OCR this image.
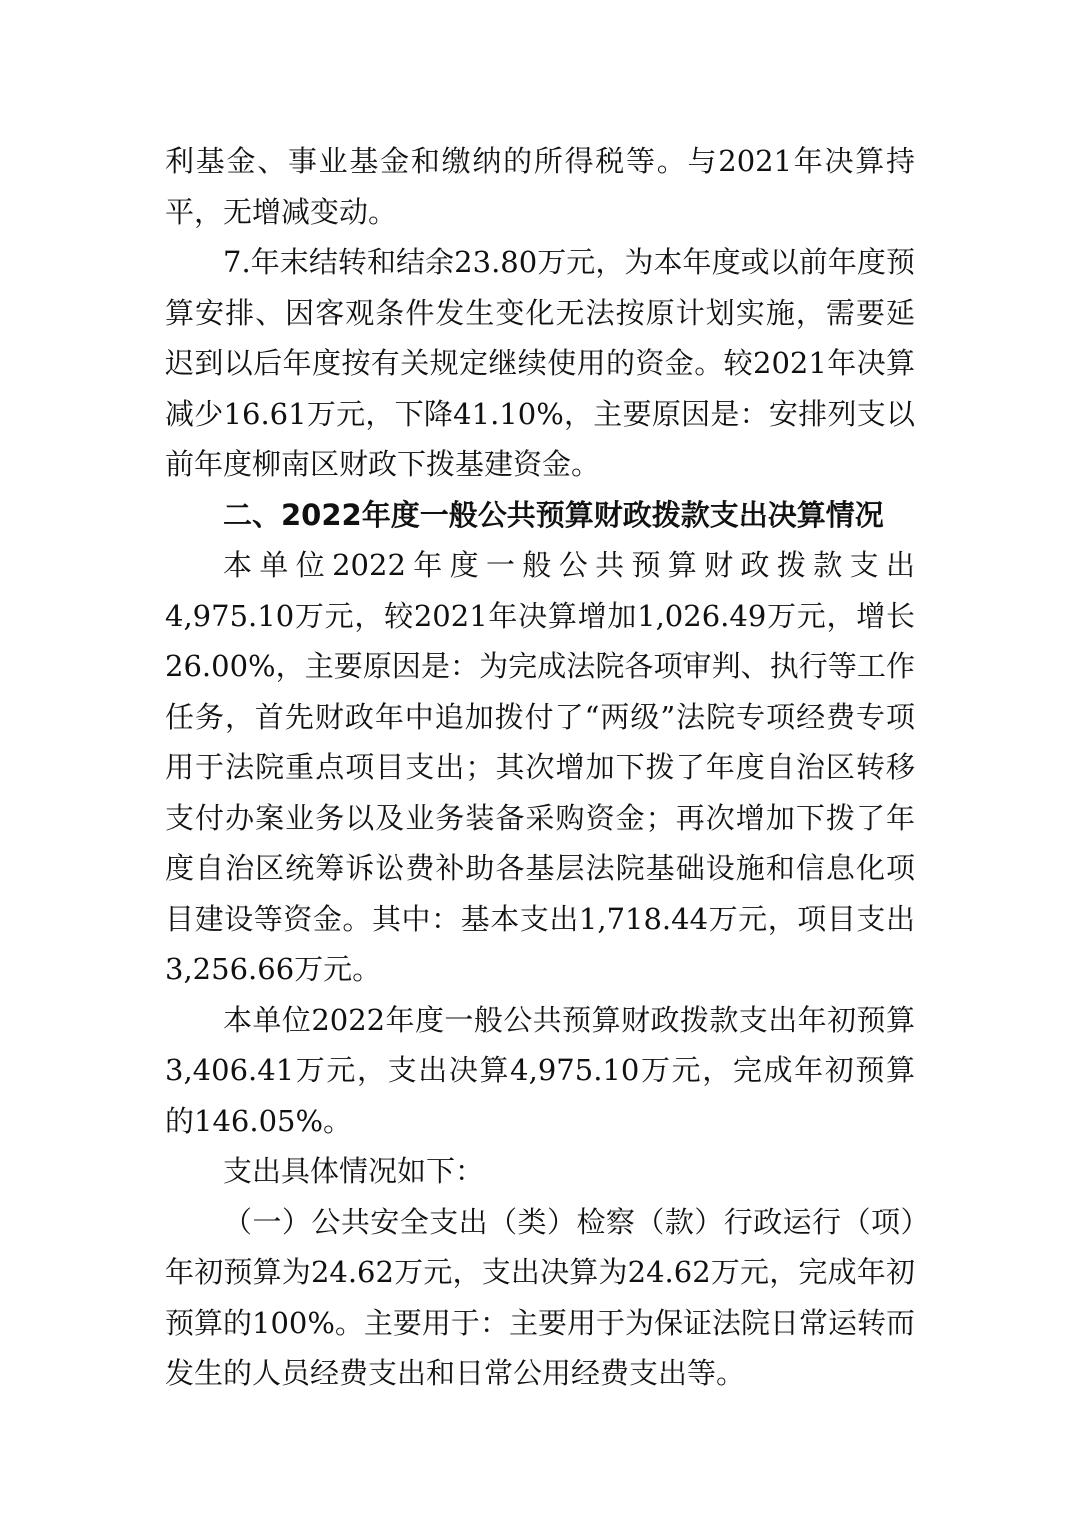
利基金、事业基金和缴纳的所得税等。与2021年决算持平，无增减变动。

7.年末结转和结余23.80万元，为本年度或以前年度预算安排、因客观条件发生变化无法按原计划实施，需要延迟到以后年度按有关规定继续使用的资金。较2021年决算减少16.61万元，下降41.10%，主要原因是：安排列支以前年度柳南区财政下拨基建资金。

二、2022年度一般公共预算财政拨款支出决算情况

本单位2022年度一般公共预算财政拨款支出4,975.10万元，较2021年决算增加1,026.49万元，增长26.00%，主要原因是：为完成法院各项审判、执行等工作任务，首先财政年中追加拨付了“两级”法院专项经费专项用于法院重点项目支出；其次增加下拨了年度自治区转移支付办案业务以及业务装备采购资金；再次增加下拨了年度自治区统筹诉讼费补助各基层法院基础设施和信息化项目建设等资金。其中：基本支出1,718.44万元，项目支出3,256.66万元。

本单位2022年度一般公共预算财政拨款支出年初预算3,406.41万元，支出决算4,975.10万元，完成年初预算的146.05%。

支出具体情况如下：

（一）公共安全支出（类）检察（款）行政运行（项）年初预算为24.62万元，支出决算为24.62万元，完成年初预算的100%。主要用于：主要用于为保证法院日常运转而发生的人员经费支出和日常公用经费支出等。
